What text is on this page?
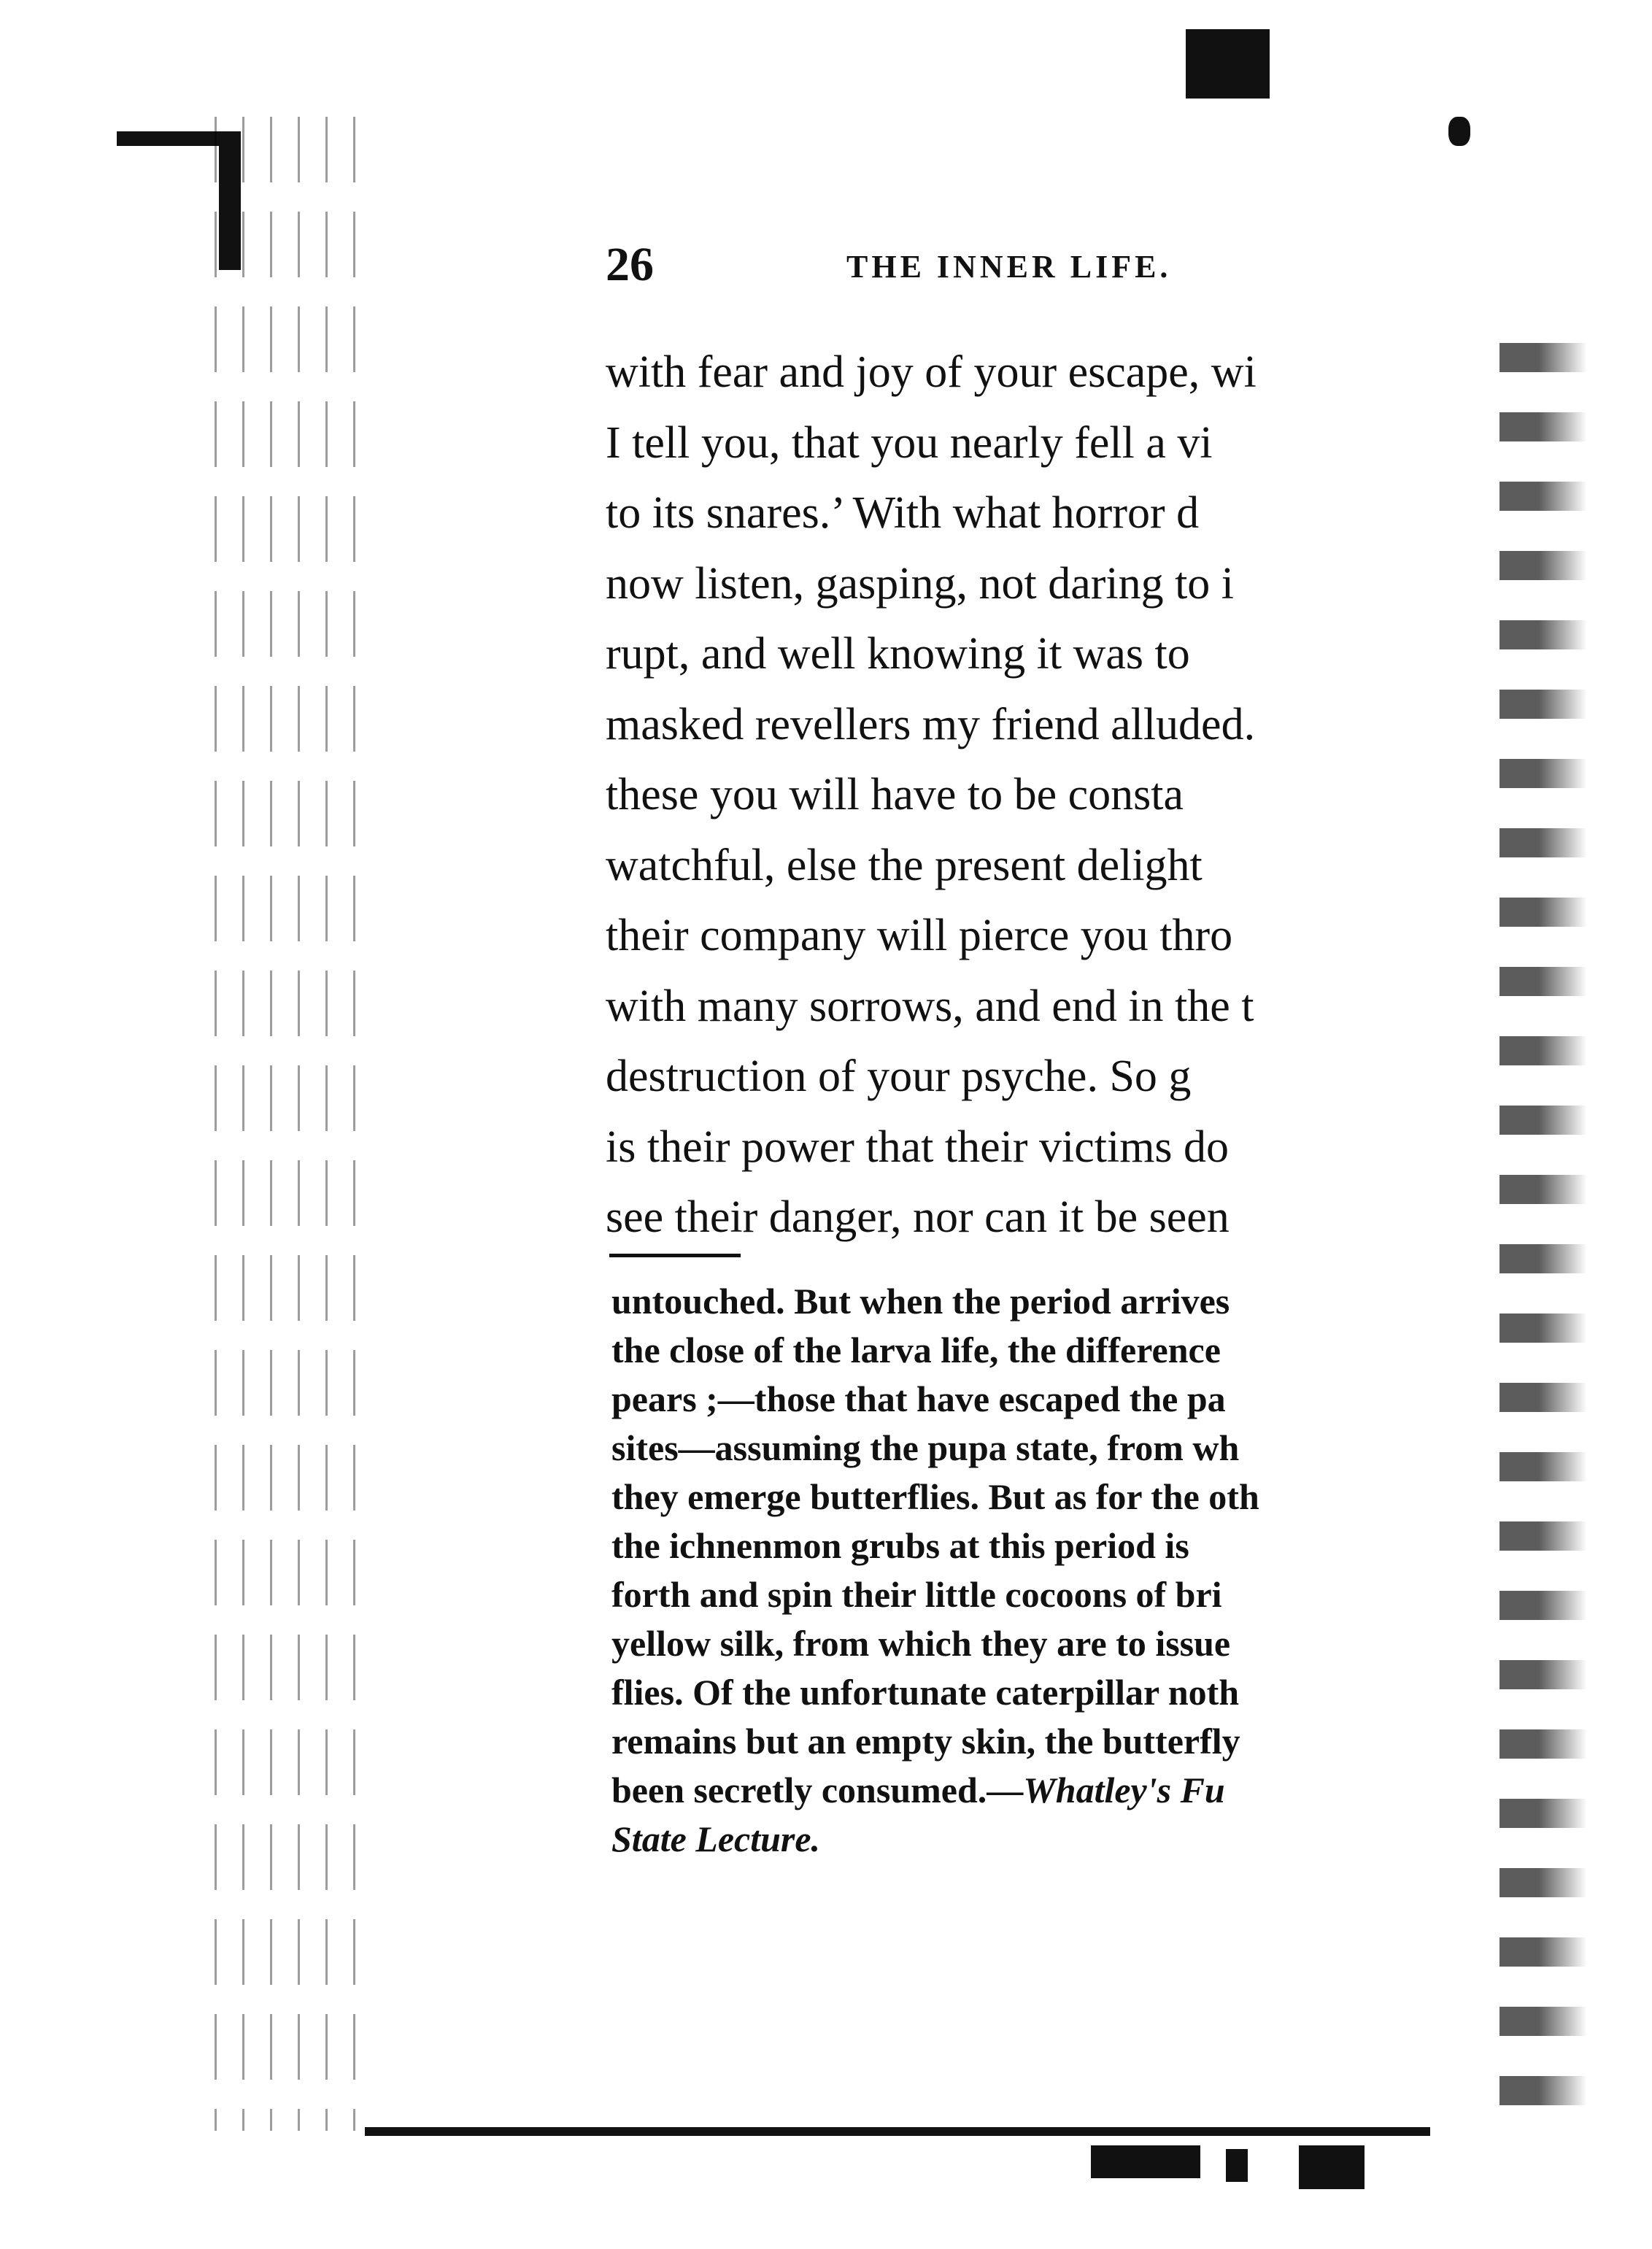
26	THE INNER LIFE.
with fear and joy of your escape, wi
I tell you, that you nearly fell a vi
to its snares.’ With what horror d
now listen, gasping, not daring to i
rupt, and well knowing it was to
masked revellers my friend alluded.
these you will have to be consta
watchful, else the present delight
their company will pierce you thro
with many sorrows, and end in the t
destruction of your psyche. So g
is their power that their victims do
see their danger, nor can it be seen
untouched. But when the period arrives
the close of the larva life, the difference
pears ;—those that have escaped the pa
sites—assuming the pupa state, from wh
they emerge butterflies. But as for the oth
the ichnenmon grubs at this period is
forth and spin their little cocoons of bri
yellow silk, from which they are to issue
flies. Of the unfortunate caterpillar noth
remains but an empty skin, the butterfly
been secretly consumed.—Whatley's Fu
State Lecture.
